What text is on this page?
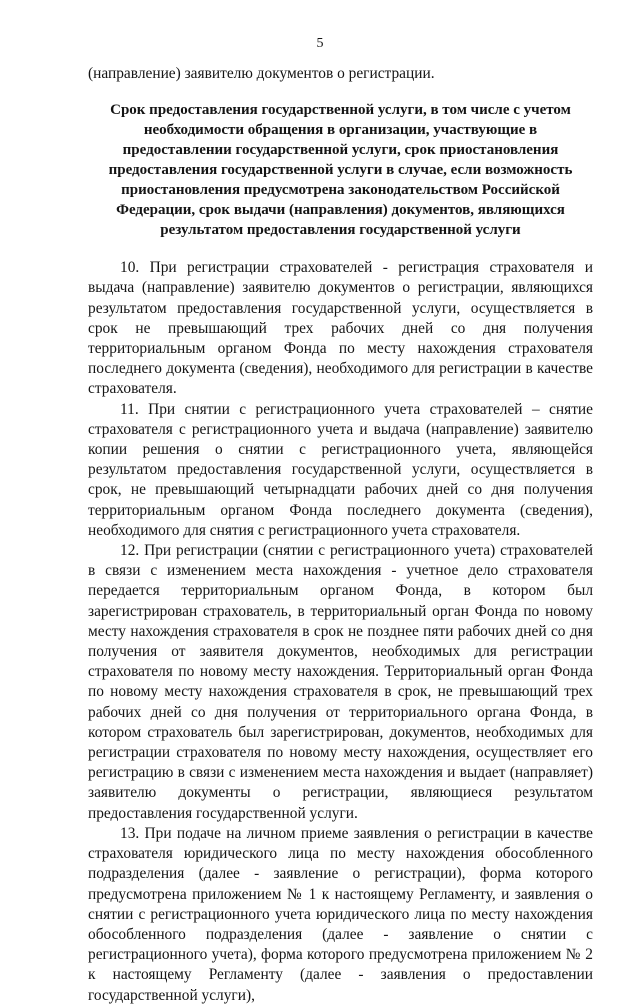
5

(направление) заявителю документов о регистрации.

Срок предоставления государственной услуги, в том числе с учетом необходимости обращения в организации, участвующие в предоставлении государственной услуги, срок приостановления предоставления государственной услуги в случае, если возможность приостановления предусмотрена законодательством Российской Федерации, срок выдачи (направления) документов, являющихся результатом предоставления государственной услуги

10. При регистрации страхователей - регистрация страхователя и выдача (направление) заявителю документов о регистрации, являющихся результатом предоставления государственной услуги, осуществляется в срок не превышающий трех рабочих дней со дня получения территориальным органом Фонда по месту нахождения страхователя последнего документа (сведения), необходимого для регистрации в качестве страхователя.

11. При снятии с регистрационного учета страхователей – снятие страхователя с регистрационного учета и выдача (направление) заявителю копии решения о снятии с регистрационного учета, являющейся результатом предоставления государственной услуги, осуществляется в срок, не превышающий четырнадцати рабочих дней со дня получения территориальным органом Фонда последнего документа (сведения), необходимого для снятия с регистрационного учета страхователя.

12. При регистрации (снятии с регистрационного учета) страхователей в связи с изменением места нахождения - учетное дело страхователя передается территориальным органом Фонда, в котором был зарегистрирован страхователь, в территориальный орган Фонда по новому месту нахождения страхователя в срок не позднее пяти рабочих дней со дня получения от заявителя документов, необходимых для регистрации страхователя по новому месту нахождения. Территориальный орган Фонда по новому месту нахождения страхователя в срок, не превышающий трех рабочих дней со дня получения от территориального органа Фонда, в котором страхователь был зарегистрирован, документов, необходимых для регистрации страхователя по новому месту нахождения, осуществляет его регистрацию в связи с изменением места нахождения и выдает (направляет) заявителю документы о регистрации, являющиеся результатом предоставления государственной услуги.

13. При подаче на личном приеме заявления о регистрации в качестве страхователя юридического лица по месту нахождения обособленного подразделения (далее - заявление о регистрации), форма которого предусмотрена приложением № 1 к настоящему Регламенту, и заявления о снятии с регистрационного учета юридического лица по месту нахождения обособленного подразделения (далее - заявление о снятии с регистрационного учета), форма которого предусмотрена приложением № 2 к настоящему Регламенту (далее - заявления о предоставлении государственной услуги),
